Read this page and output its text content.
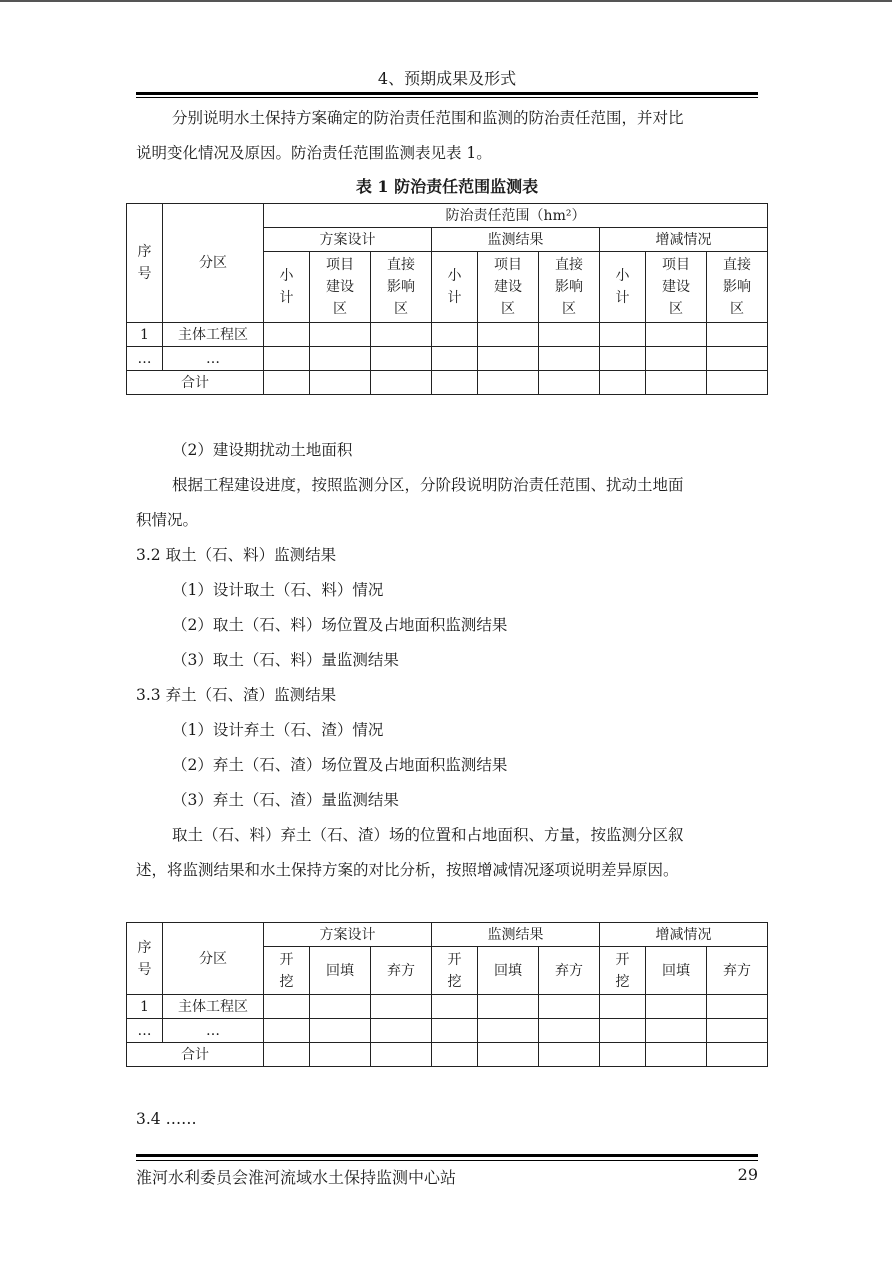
4、预期成果及形式
分别说明水土保持方案确定的防治责任范围和监测的防治责任范围，并对比
说明变化情况及原因。防治责任范围监测表见表 1。
表 1 防治责任范围监测表
序号	分区	防治责任范围（hm²）								
		方案设计			监测结果			增减情况		
		小计	项目建设区	直接影响区	小计	项目建设区	直接影响区	小计	项目建设区	直接影响区
1	主体工程区									
…	…									
合计										
（2）建设期扰动土地面积
根据工程建设进度，按照监测分区，分阶段说明防治责任范围、扰动土地面
积情况。
3.2 取土（石、料）监测结果
（1）设计取土（石、料）情况
（2）取土（石、料）场位置及占地面积监测结果
（3）取土（石、料）量监测结果
3.3 弃土（石、渣）监测结果
（1）设计弃土（石、渣）情况
（2）弃土（石、渣）场位置及占地面积监测结果
（3）弃土（石、渣）量监测结果
取土（石、料）弃土（石、渣）场的位置和占地面积、方量，按监测分区叙
述，将监测结果和水土保持方案的对比分析，按照增减情况逐项说明差异原因。
序号	分区	方案设计			监测结果			增减情况		
		开挖	回填	弃方	开挖	回填	弃方	开挖	回填	弃方
1	主体工程区									
…	…									
合计										
3.4 ……
淮河水利委员会淮河流域水土保持监测中心站	29
